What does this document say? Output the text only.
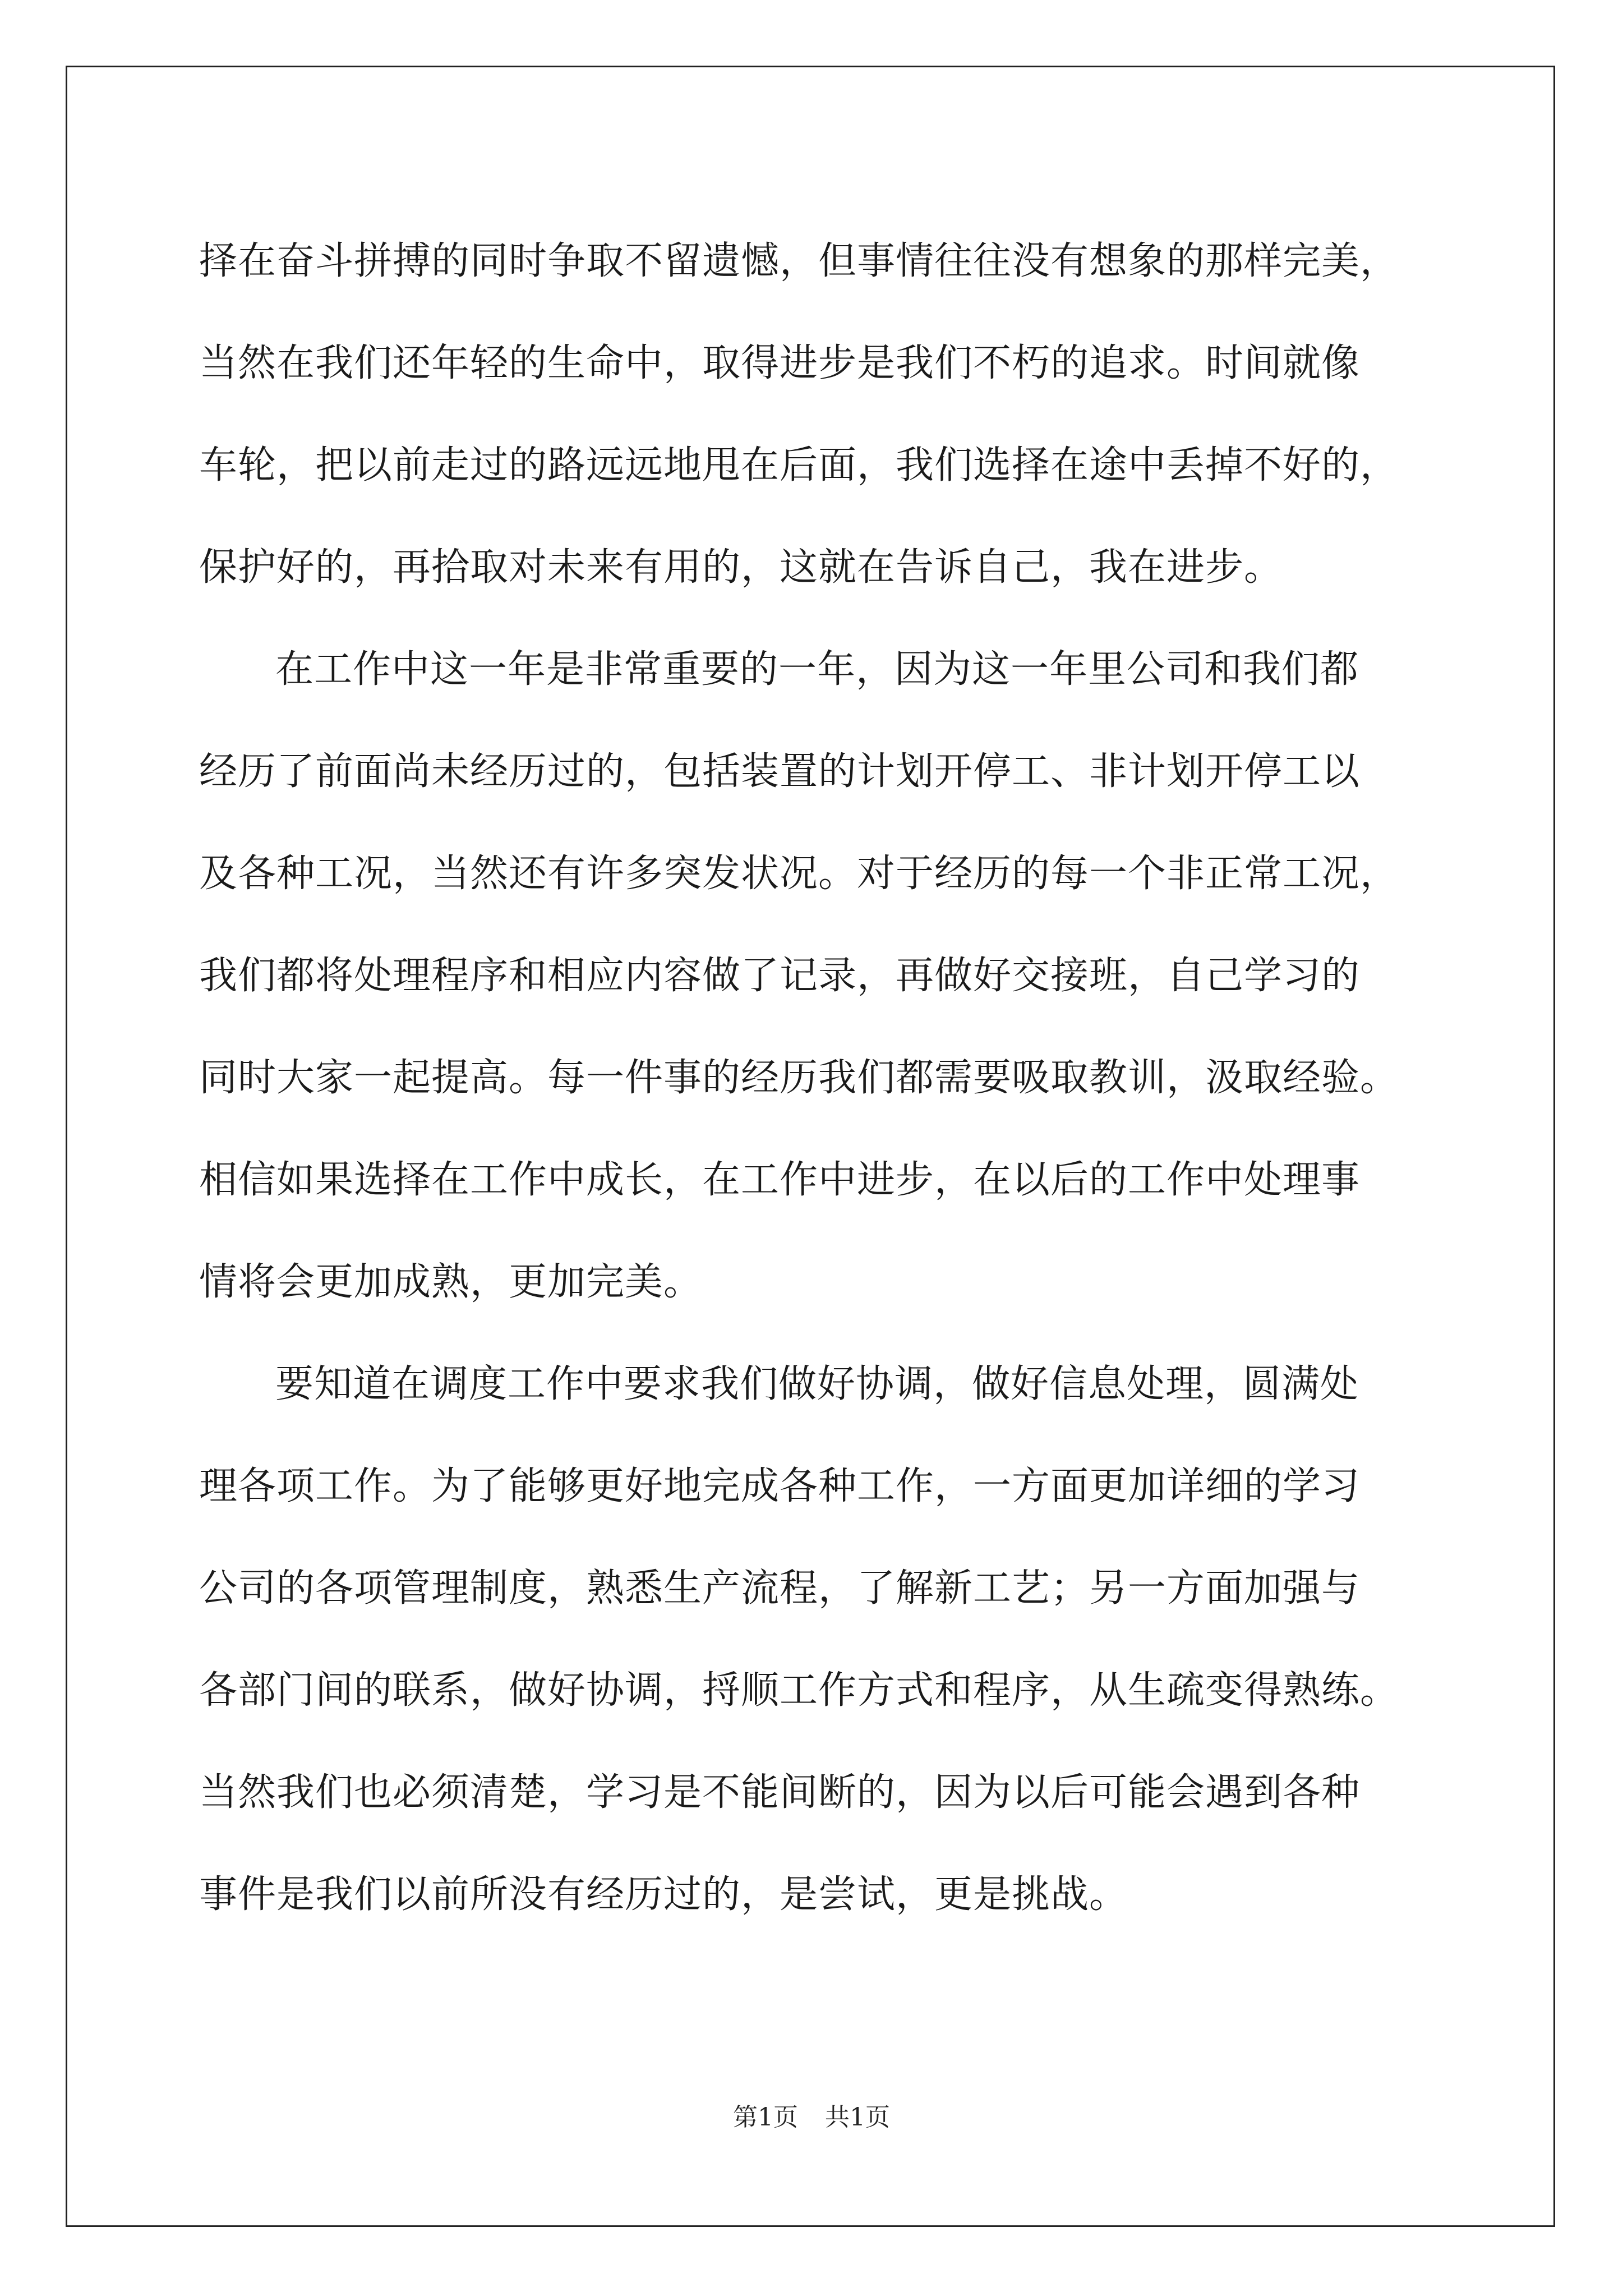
择在奋斗拼搏的同时争取不留遗憾，但事情往往没有想象的那样完美，

当然在我们还年轻的生命中，取得进步是我们不朽的追求。时间就像

车轮，把以前走过的路远远地甩在后面，我们选择在途中丢掉不好的，

保护好的，再拾取对未来有用的，这就在告诉自己，我在进步。

在工作中这一年是非常重要的一年，因为这一年里公司和我们都

经历了前面尚未经历过的，包括装置的计划开停工、非计划开停工以

及各种工况，当然还有许多突发状况。对于经历的每一个非正常工况，

我们都将处理程序和相应内容做了记录，再做好交接班，自己学习的

同时大家一起提高。每一件事的经历我们都需要吸取教训，汲取经验。

相信如果选择在工作中成长，在工作中进步，在以后的工作中处理事

情将会更加成熟，更加完美。

要知道在调度工作中要求我们做好协调，做好信息处理，圆满处

理各项工作。为了能够更好地完成各种工作，一方面更加详细的学习

公司的各项管理制度，熟悉生产流程，了解新工艺；另一方面加强与

各部门间的联系，做好协调，捋顺工作方式和程序，从生疏变得熟练。

当然我们也必须清楚，学习是不能间断的，因为以后可能会遇到各种

事件是我们以前所没有经历过的，是尝试，更是挑战。

第1页 共1页
